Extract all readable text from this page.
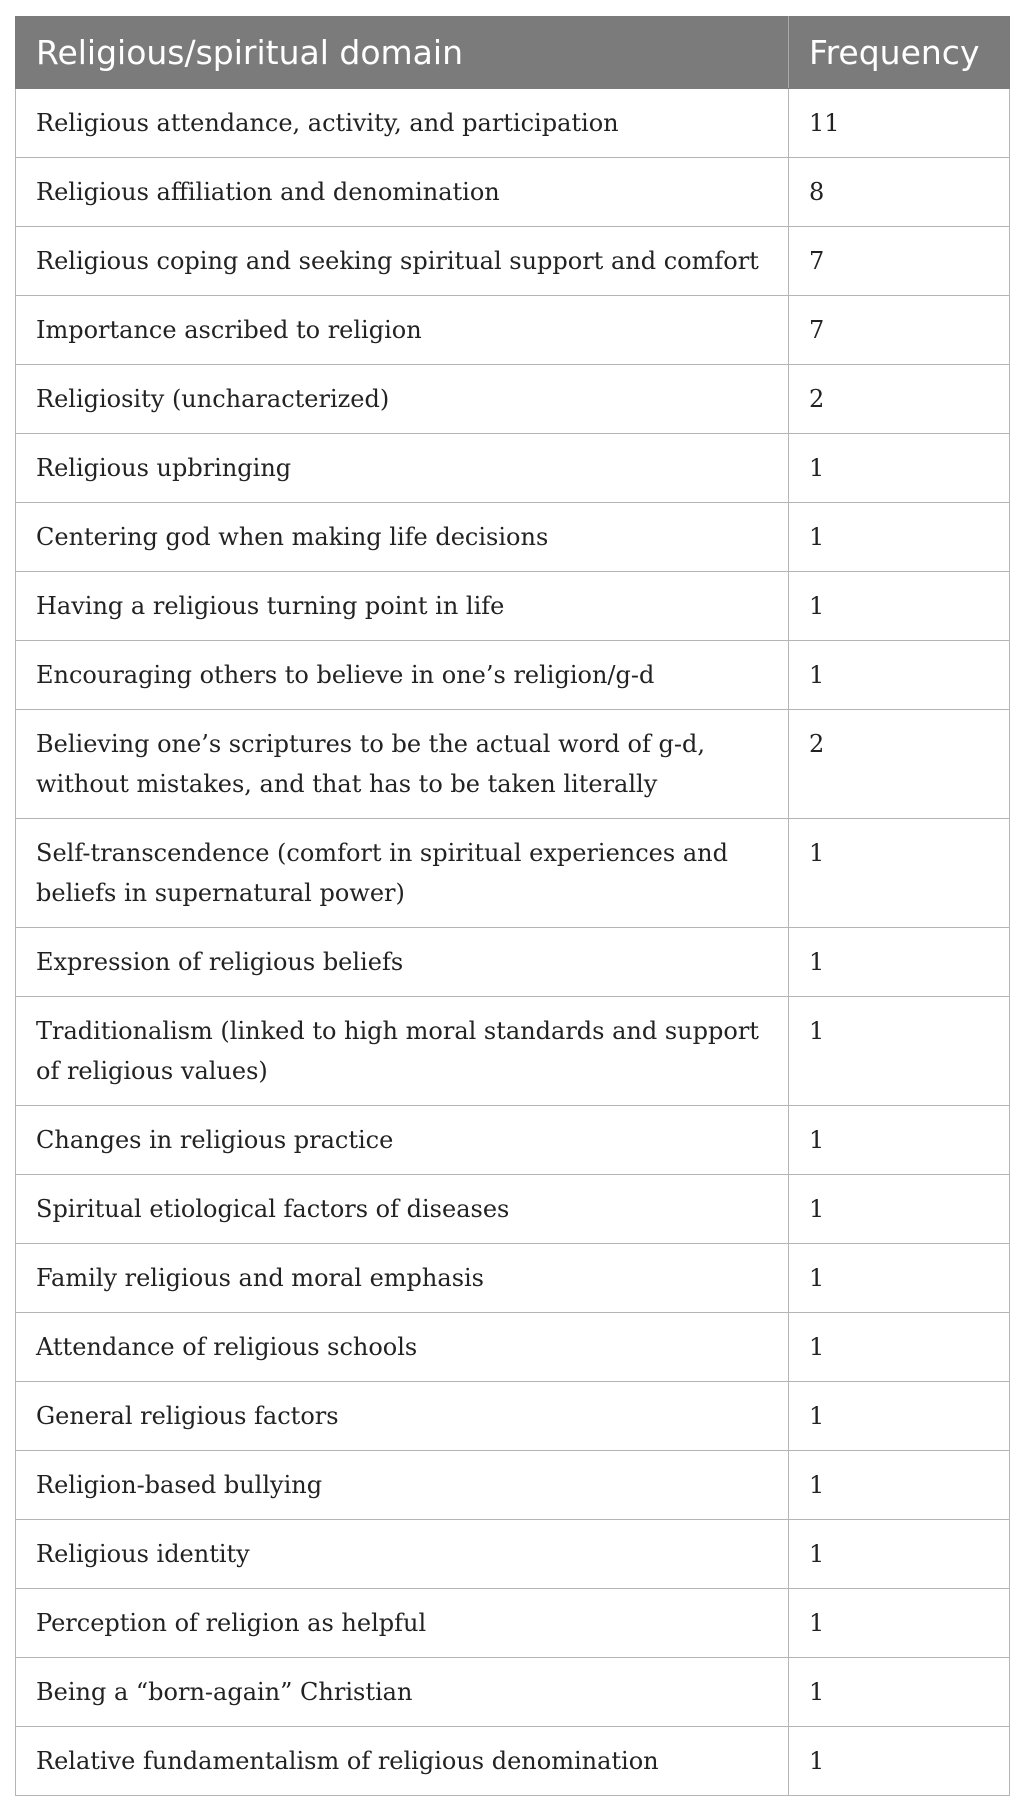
Religious/spiritual domain	Frequency
Religious attendance, activity, and participation	11
Religious affiliation and denomination	8
Religious coping and seeking spiritual support and comfort	7
Importance ascribed to religion	7
Religiosity (uncharacterized)	2
Religious upbringing	1
Centering god when making life decisions	1
Having a religious turning point in life	1
Encouraging others to believe in one’s religion/g-d	1
Believing one’s scriptures to be the actual word of g-d, without mistakes, and that has to be taken literally	2
Self-transcendence (comfort in spiritual experiences and beliefs in supernatural power)	1
Expression of religious beliefs	1
Traditionalism (linked to high moral standards and support of religious values)	1
Changes in religious practice	1
Spiritual etiological factors of diseases	1
Family religious and moral emphasis	1
Attendance of religious schools	1
General religious factors	1
Religion-based bullying	1
Religious identity	1
Perception of religion as helpful	1
Being a “born-again” Christian	1
Relative fundamentalism of religious denomination	1
